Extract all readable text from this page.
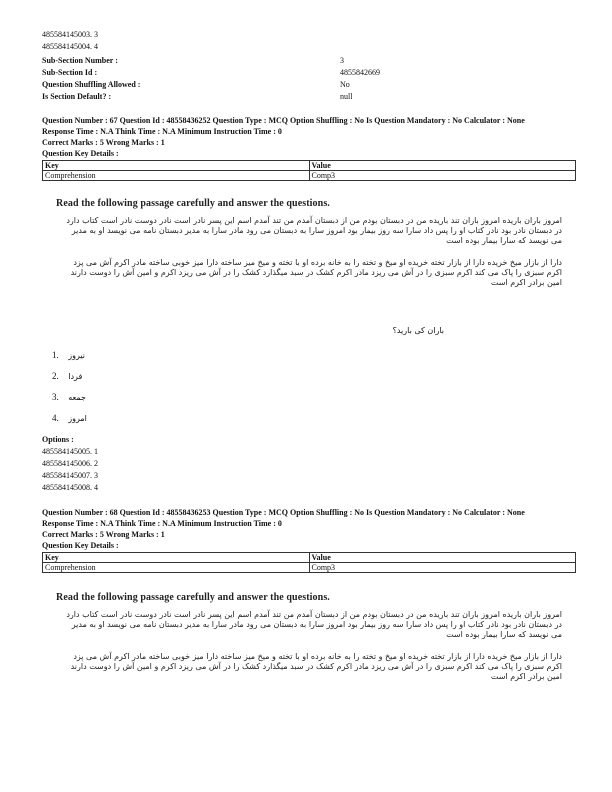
485584145003. 3
485584145004. 4
Sub-Section Number :	3
Sub-Section Id :	4855842669
Question Shuffling Allowed :	No
Is Section Default? :	null
Question Number : 67 Question Id : 48558436252 Question Type : MCQ Option Shuffling : No Is Question Mandatory : No Calculator : None
Response Time : N.A Think Time : N.A Minimum Instruction Time : 0
Correct Marks : 5 Wrong Marks : 1
Question Key Details :
Key	Value
Comprehension	Comp3
Read the following passage carefully and answer the questions.
امروز باران باریده امروز باران تند باریده من در دبستان بودم من از دبستان آمدم من تند آمدم اسم این پسر نادر است نادر دوست نادر است کتاب دارد در دبستان نادر بود نادر کتاب او را پس داد سارا سه روز بیمار بود امروز سارا به دبستان می رود مادر سارا به مدیر دبستان نامه می نویسد او به مدیر می نویسد که سارا بیمار بوده است
دارا از بازار میخ خریده دارا از بازار تخته خریده او میخ و تخته را به خانه برده او با تخته و میخ میز ساخته دارا میز خوبی ساخته مادر اکرم آش می پزد اکرم سبزی را پاک می کند اکرم سبزی را در آش می ریزد مادر اکرم کشک در سبد میگذارد کشک را در آش می ریزد اکرم و امین آش را دوست دارند امین برادر اکرم است
باران کی بارید؟
1. نیروز
2. فردا
3. جمعه
4. امروز
Options :
485584145005. 1
485584145006. 2
485584145007. 3
485584145008. 4
Question Number : 68 Question Id : 48558436253 Question Type : MCQ Option Shuffling : No Is Question Mandatory : No Calculator : None
Response Time : N.A Think Time : N.A Minimum Instruction Time : 0
Correct Marks : 5 Wrong Marks : 1
Question Key Details :
Key	Value
Comprehension	Comp3
Read the following passage carefully and answer the questions.
امروز باران باریده امروز باران تند باریده من در دبستان بودم من از دبستان آمدم من تند آمدم اسم این پسر نادر است نادر دوست نادر است کتاب دارد در دبستان نادر بود نادر کتاب او را پس داد سارا سه روز بیمار بود امروز سارا به دبستان می رود مادر سارا به مدیر دبستان نامه می نویسد او به مدیر می نویسد که سارا بیمار بوده است
دارا از بازار میخ خریده دارا از بازار تخته خریده او میخ و تخته را به خانه برده او با تخته و میخ میز ساخته دارا میز خوبی ساخته مادر اکرم آش می پزد اکرم سبزی را پاک می کند اکرم سبزی را در آش می ریزد مادر اکرم کشک در سبد میگذارد کشک را در آش می ریزد اکرم و امین آش را دوست دارند امین برادر اکرم است
